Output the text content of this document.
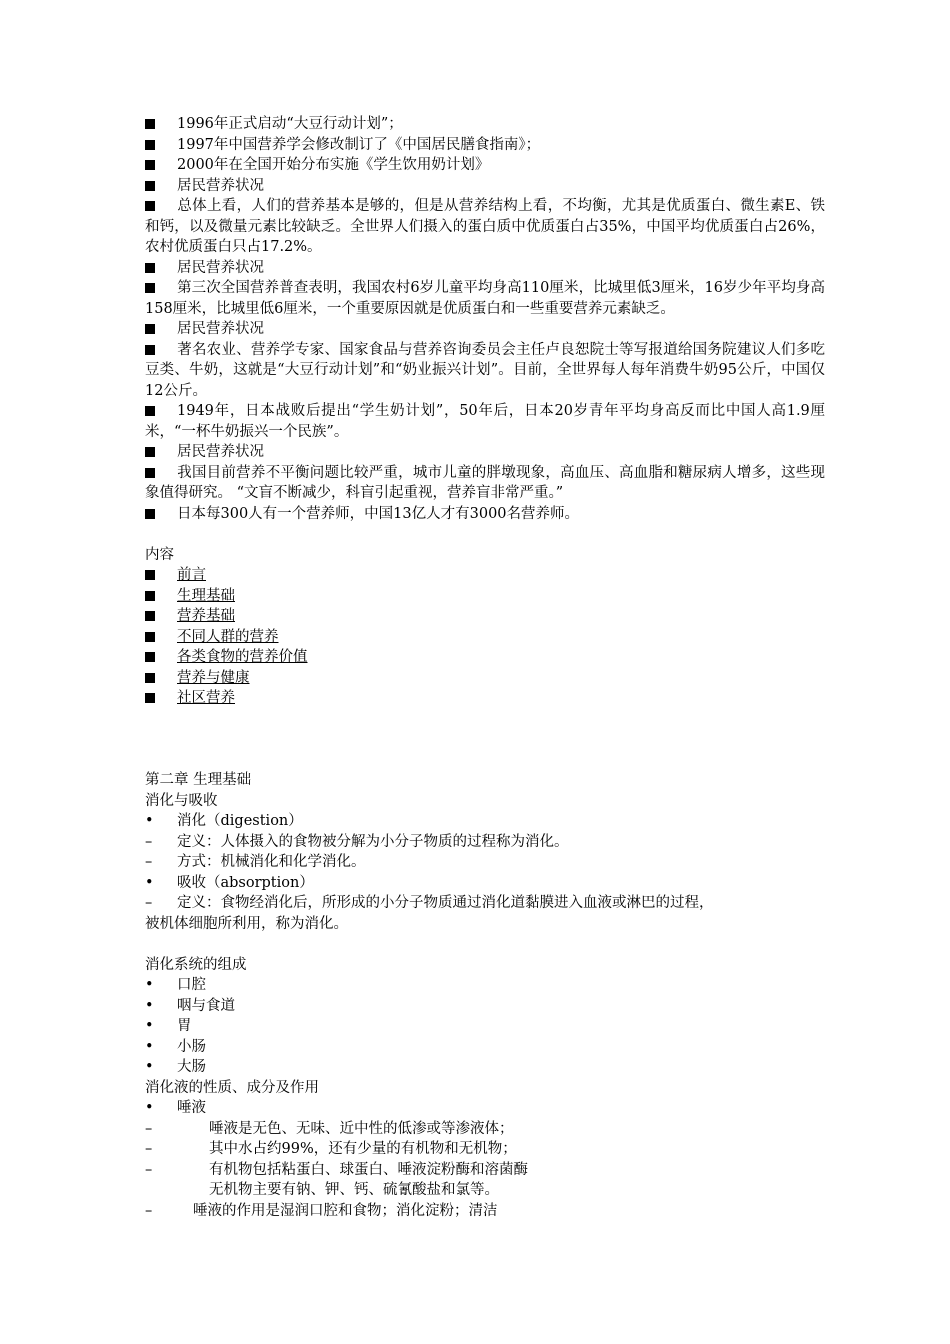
1996年正式启动“大豆行动计划”；
1997年中国营养学会修改制订了《中国居民膳食指南》；
2000年在全国开始分布实施《学生饮用奶计划》
居民营养状况
总体上看，人们的营养基本是够的，但是从营养结构上看，不均衡，尤其是优质蛋白、微生素E、铁和钙，以及微量元素比较缺乏。全世界人们摄入的蛋白质中优质蛋白占35%，中国平均优质蛋白占26%，农村优质蛋白只占17.2%。
居民营养状况
第三次全国营养普查表明，我国农村6岁儿童平均身高110厘米，比城里低3厘米，16岁少年平均身高158厘米，比城里低6厘米，一个重要原因就是优质蛋白和一些重要营养元素缺乏。
居民营养状况
著名农业、营养学专家、国家食品与营养咨询委员会主任卢良恕院士等写报道给国务院建议人们多吃豆类、牛奶，这就是“大豆行动计划”和“奶业振兴计划”。目前，全世界每人每年消费牛奶95公斤，中国仅12公斤。
1949年，日本战败后提出“学生奶计划”，50年后，日本20岁青年平均身高反而比中国人高1.9厘米，“一杯牛奶振兴一个民族”。
居民营养状况
我国目前营养不平衡问题比较严重，城市儿童的胖墩现象，高血压、高血脂和糖尿病人增多，这些现象值得研究。 “文盲不断减少，科盲引起重视，营养盲非常严重。”
日本每300人有一个营养师，中国13亿人才有3000名营养师。
内容
前言
生理基础
营养基础
不同人群的营养
各类食物的营养价值
营养与健康
社区营养
第二章 生理基础
消化与吸收
•	消化（digestion）
–	定义：人体摄入的食物被分解为小分子物质的过程称为消化。
–	方式：机械消化和化学消化。
•	吸收（absorption）
–	定义：食物经消化后，所形成的小分子物质通过消化道黏膜进入血液或淋巴的过程，
被机体细胞所利用，称为消化。
消化系统的组成
•	口腔
•	咽与食道
•	胃
•	小肠
•	大肠
消化液的性质、成分及作用
•	唾液
–	唾液是无色、无味、近中性的低渗或等渗液体；
–	其中水占约99%，还有少量的有机物和无机物；
–	有机物包括粘蛋白、球蛋白、唾液淀粉酶和溶菌酶
无机物主要有钠、钾、钙、硫氰酸盐和氯等。
–	唾液的作用是湿润口腔和食物；消化淀粉；清洁
